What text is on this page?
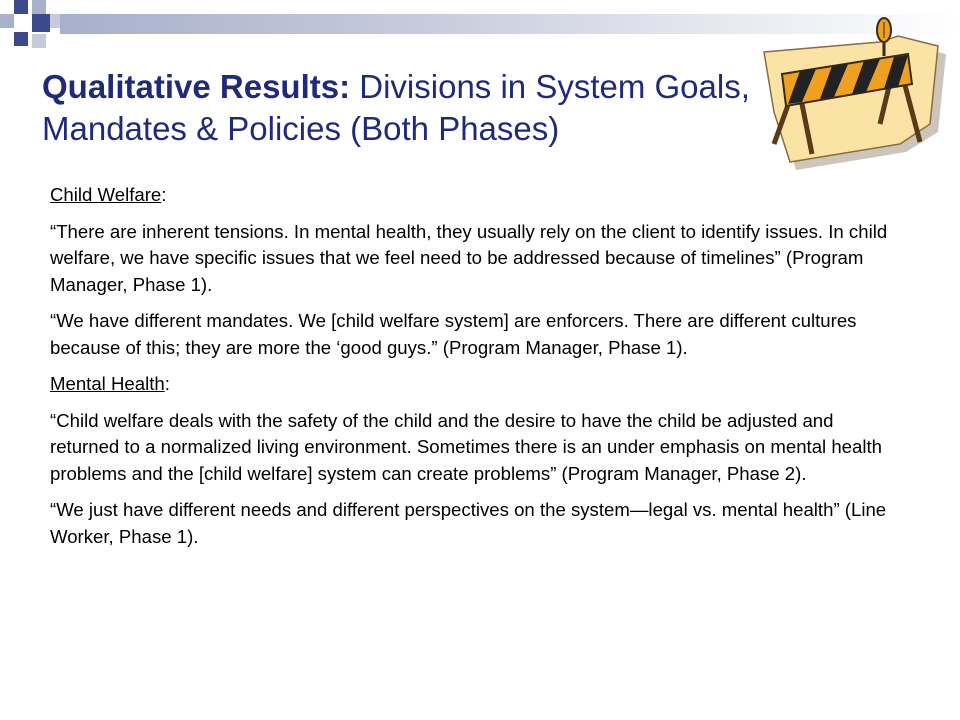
Qualitative Results: Divisions in System Goals, Mandates & Policies (Both Phases)

Child Welfare:

“There are inherent tensions. In mental health, they usually rely on the client to identify issues. In child welfare, we have specific issues that we feel need to be addressed because of timelines” (Program Manager, Phase 1).

“We have different mandates. We [child welfare system] are enforcers. There are different cultures because of this; they are more the ‘good guys.” (Program Manager, Phase 1).

Mental Health:

“Child welfare deals with the safety of the child and the desire to have the child be adjusted and returned to a normalized living environment. Sometimes there is an under emphasis on mental health problems and the [child welfare] system can create problems” (Program Manager, Phase 2).

“We just have different needs and different perspectives on the system—legal vs. mental health” (Line Worker, Phase 1).
